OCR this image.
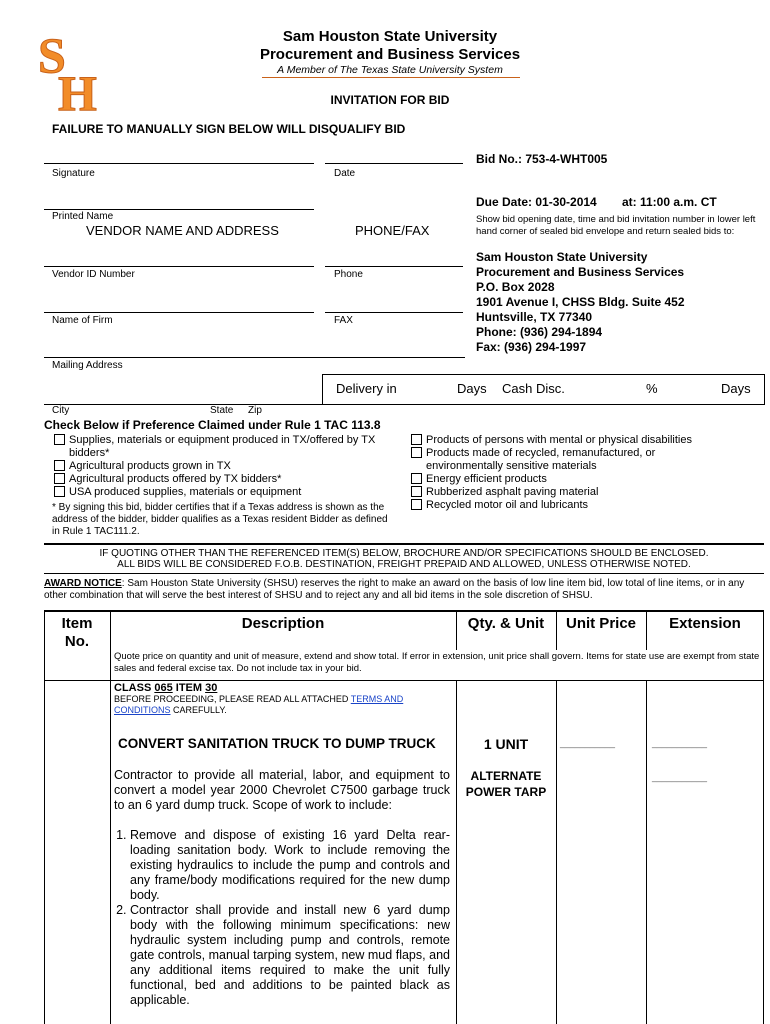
S
H
Sam Houston State University
Procurement and Business Services
A Member of The Texas State University System
INVITATION FOR BID
FAILURE TO MANUALLY SIGN BELOW WILL DISQUALIFY BID
Bid No.: 753-4-WHT005
Signature	Date
Printed Name
VENDOR NAME AND ADDRESS	PHONE/FAX
Vendor ID Number	Phone
Name of Firm	FAX
Mailing Address
City	State Zip
Due Date: 01-30-2014 at: 11:00 a.m. CT
Show bid opening date, time and bid invitation number in lower left hand corner of sealed bid envelope and return sealed bids to:
Sam Houston State University
Procurement and Business Services
P.O. Box 2028
1901 Avenue I, CHSS Bldg. Suite 452
Huntsville, TX 77340
Phone: (936) 294-1894
Fax: (936) 294-1997
Delivery in	Days Cash Disc.	%	Days
Check Below if Preference Claimed under Rule 1 TAC 113.8
Supplies, materials or equipment produced in TX/offered by TX bidders*
Agricultural products grown in TX
Agricultural products offered by TX bidders*
USA produced supplies, materials or equipment
* By signing this bid, bidder certifies that if a Texas address is shown as the address of the bidder, bidder qualifies as a Texas resident Bidder as defined in Rule 1 TAC111.2.
Products of persons with mental or physical disabilities
Products made of recycled, remanufactured, or environmentally sensitive materials
Energy efficient products
Rubberized asphalt paving material
Recycled motor oil and lubricants
IF QUOTING OTHER THAN THE REFERENCED ITEM(S) BELOW, BROCHURE AND/OR SPECIFICATIONS SHOULD BE ENCLOSED.
ALL BIDS WILL BE CONSIDERED F.O.B. DESTINATION, FREIGHT PREPAID AND ALLOWED, UNLESS OTHERWISE NOTED.
AWARD NOTICE: Sam Houston State University (SHSU) reserves the right to make an award on the basis of low line item bid, low total of line items, or in any other combination that will serve the best interest of SHSU and to reject any and all bid items in the sole discretion of SHSU.
Item
No.
Description	Qty. & Unit	Unit Price	Extension
Quote price on quantity and unit of measure, extend and show total. If error in extension, unit price shall govern. Items for state use are exempt from state sales and federal excise tax. Do not include tax in your bid.
CLASS 065 ITEM 30
BEFORE PROCEEDING, PLEASE READ ALL ATTACHED TERMS AND CONDITIONS CAREFULLY.
CONVERT SANITATION TRUCK TO DUMP TRUCK	1 UNIT	___________	___________
ALTERNATE
POWER TARP
___________
Contractor to provide all material, labor, and equipment to convert a model year 2000 Chevrolet C7500 garbage truck to an 6 yard dump truck. Scope of work to include:
1. Remove and dispose of existing 16 yard Delta rear-loading sanitation body. Work to include removing the existing hydraulics to include the pump and controls and any frame/body modifications required for the new dump body.
2. Contractor shall provide and install new 6 yard dump body with the following minimum specifications: new hydraulic system including pump and controls, remote gate controls, manual tarping system, new mud flaps, and any additional items required to make the unit fully functional, bed and additions to be painted black as applicable.
